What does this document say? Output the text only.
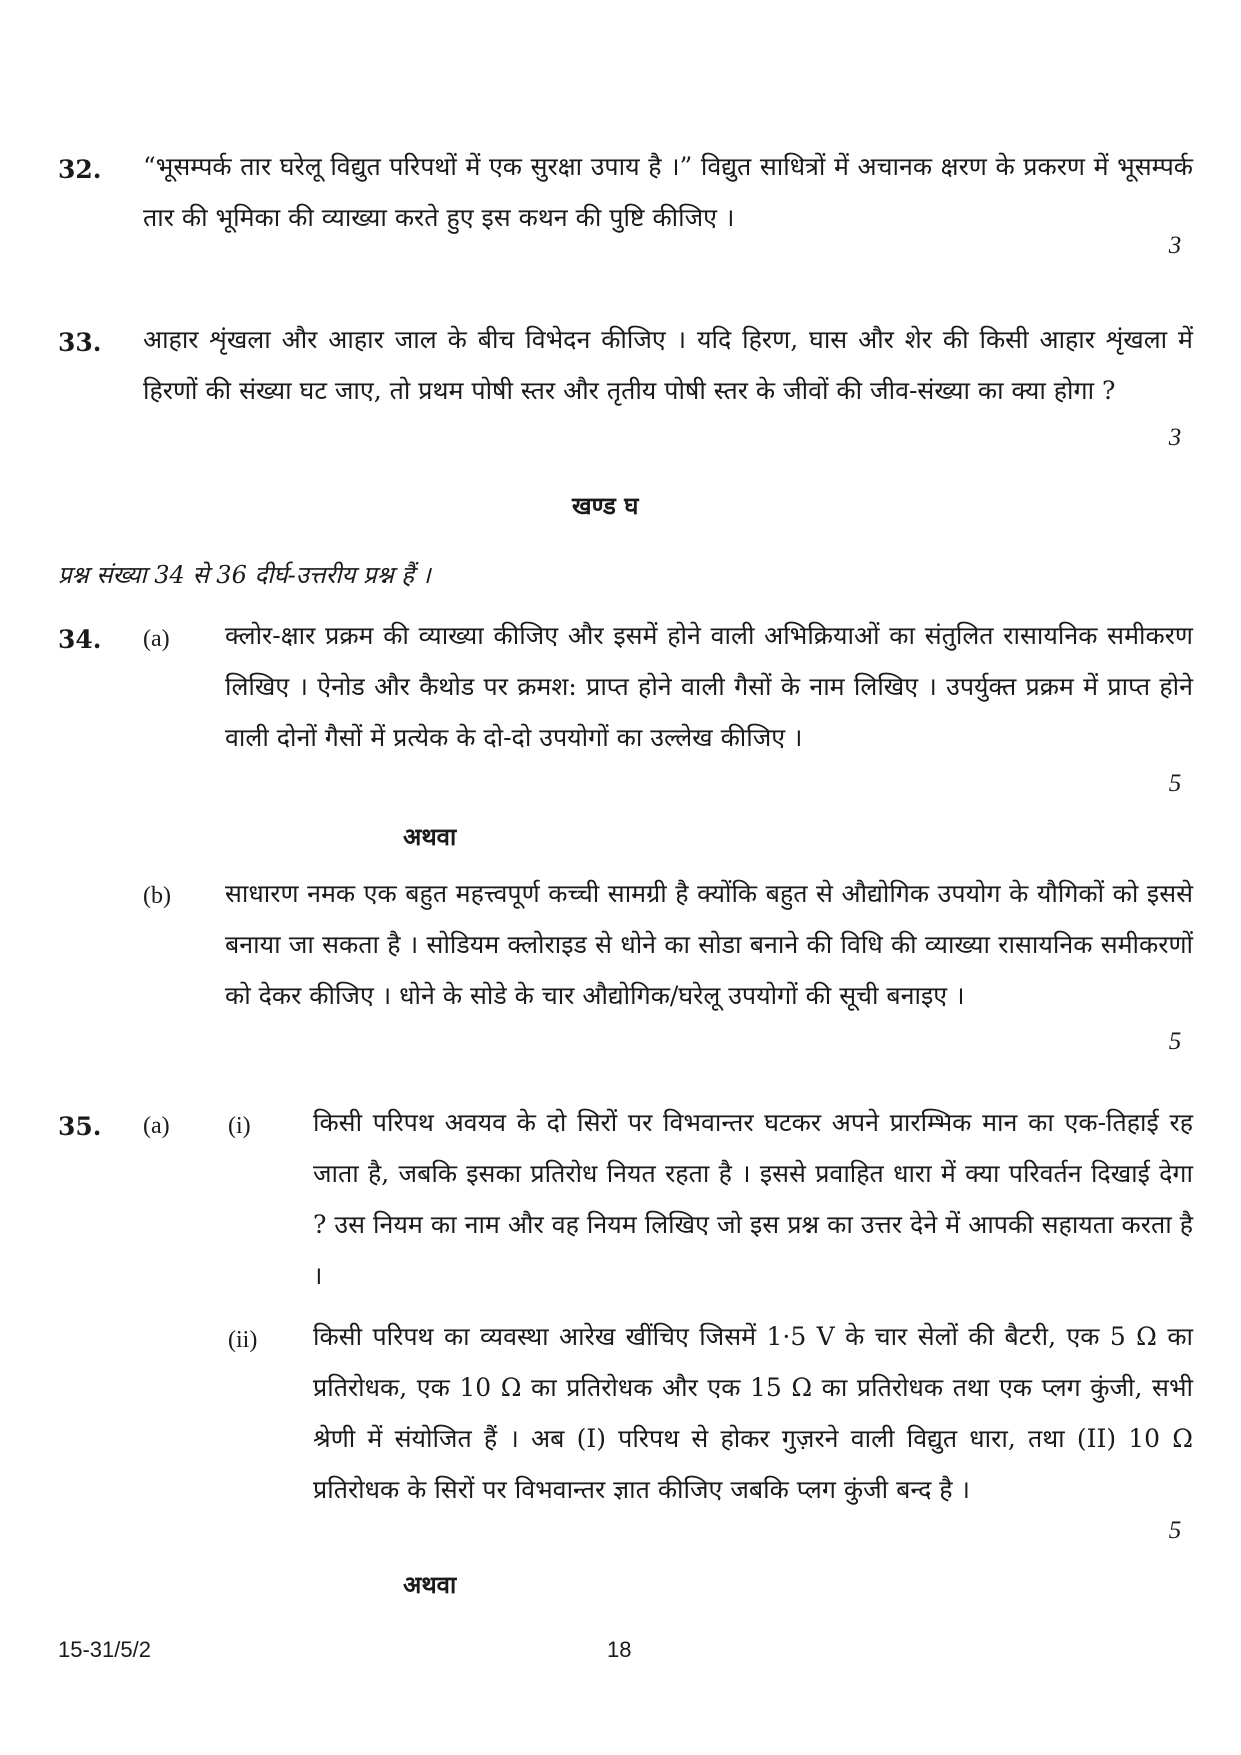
32. “भूसम्पर्क तार घरेलू विद्युत परिपथों में एक सुरक्षा उपाय है ।” विद्युत साधित्रों में अचानक क्षरण के प्रकरण में भूसम्पर्क तार की भूमिका की व्याख्या करते हुए इस कथन की पुष्टि कीजिए ।
3
33. आहार शृंखला और आहार जाल के बीच विभेदन कीजिए । यदि हिरण, घास और शेर की किसी आहार शृंखला में हिरणों की संख्या घट जाए, तो प्रथम पोषी स्तर और तृतीय पोषी स्तर के जीवों की जीव-संख्या का क्या होगा ?
3
खण्ड घ
प्रश्न संख्या 34 से 36 दीर्घ-उत्तरीय प्रश्न हैं ।
34. (a) क्लोर-क्षार प्रक्रम की व्याख्या कीजिए और इसमें होने वाली अभिक्रियाओं का संतुलित रासायनिक समीकरण लिखिए । ऐनोड और कैथोड पर क्रमश: प्राप्त होने वाली गैसों के नाम लिखिए । उपर्युक्त प्रक्रम में प्राप्त होने वाली दोनों गैसों में प्रत्येक के दो-दो उपयोगों का उल्लेख कीजिए ।
5
अथवा
(b) साधारण नमक एक बहुत महत्त्वपूर्ण कच्ची सामग्री है क्योंकि बहुत से औद्योगिक उपयोग के यौगिकों को इससे बनाया जा सकता है । सोडियम क्लोराइड से धोने का सोडा बनाने की विधि की व्याख्या रासायनिक समीकरणों को देकर कीजिए । धोने के सोडे के चार औद्योगिक/घरेलू उपयोगों की सूची बनाइए ।
5
35. (a) (i) किसी परिपथ अवयव के दो सिरों पर विभवान्तर घटकर अपने प्रारम्भिक मान का एक-तिहाई रह जाता है, जबकि इसका प्रतिरोध नियत रहता है । इससे प्रवाहित धारा में क्या परिवर्तन दिखाई देगा ? उस नियम का नाम और वह नियम लिखिए जो इस प्रश्न का उत्तर देने में आपकी सहायता करता है ।
(ii) किसी परिपथ का व्यवस्था आरेख खींचिए जिसमें 1·5 V के चार सेलों की बैटरी, एक 5 Ω का प्रतिरोधक, एक 10 Ω का प्रतिरोधक और एक 15 Ω का प्रतिरोधक तथा एक प्लग कुंजी, सभी श्रेणी में संयोजित हैं । अब (I) परिपथ से होकर गुज़रने वाली विद्युत धारा, तथा (II) 10 Ω प्रतिरोधक के सिरों पर विभवान्तर ज्ञात कीजिए जबकि प्लग कुंजी बन्द है ।
5
अथवा
15-31/5/2	18
